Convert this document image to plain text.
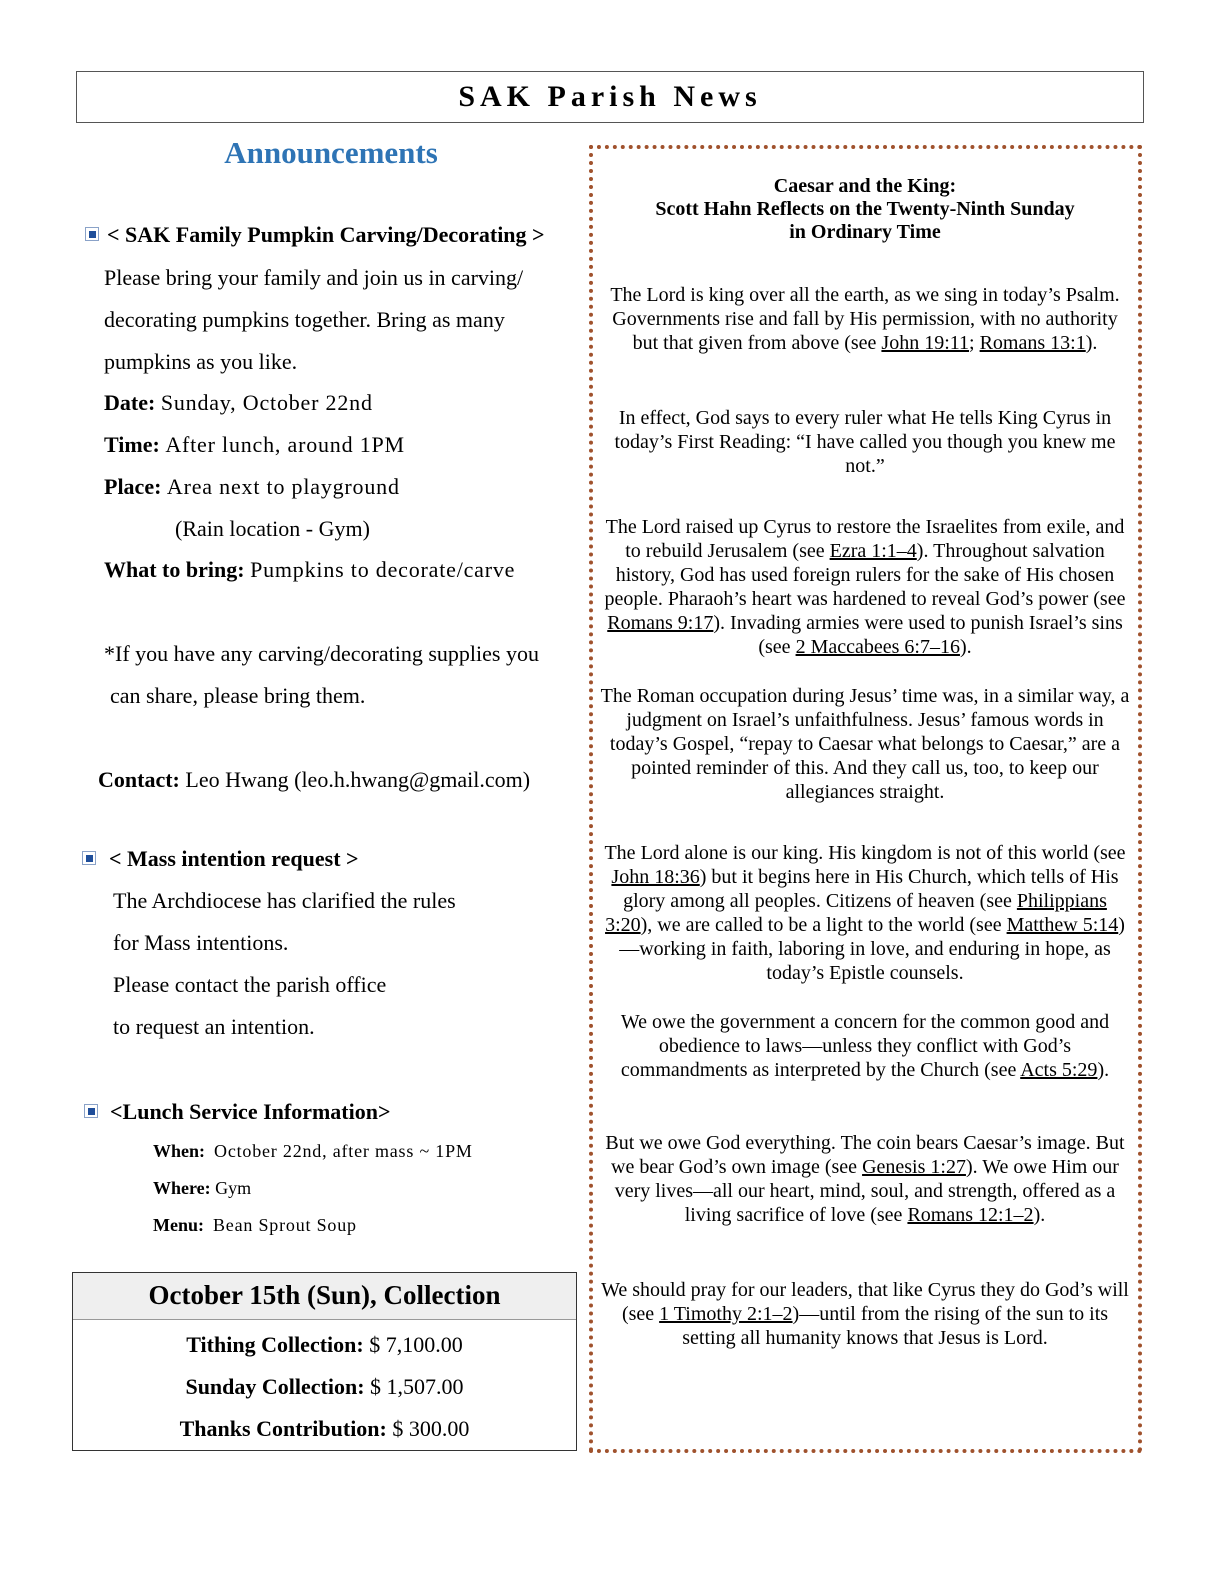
SAK Parish News
Announcements
< SAK Family Pumpkin Carving/Decorating >
Please bring your family and join us in carving/
decorating pumpkins together. Bring as many
pumpkins as you like.
Date: Sunday, October 22nd
Time: After lunch, around 1PM
Place: Area next to playground
(Rain location - Gym)
What to bring: Pumpkins to decorate/carve
*If you have any carving/decorating supplies you
can share, please bring them.
Contact: Leo Hwang (leo.h.hwang@gmail.com)
< Mass intention request >
The Archdiocese has clarified the rules
for Mass intentions.
Please contact the parish office
to request an intention.
<Lunch Service Information>
When: October 22nd, after mass ~ 1PM
Where: Gym
Menu: Bean Sprout Soup
October 15th (Sun), Collection
Tithing Collection: $ 7,100.00
Sunday Collection: $ 1,507.00
Thanks Contribution: $ 300.00
Caesar and the King:
Scott Hahn Reflects on the Twenty-Ninth Sunday
in Ordinary Time
The Lord is king over all the earth, as we sing in today’s Psalm. Governments rise and fall by His permission, with no authority but that given from above (see John 19:11; Romans 13:1).
In effect, God says to every ruler what He tells King Cyrus in today’s First Reading: “I have called you though you knew me not.”
The Lord raised up Cyrus to restore the Israelites from exile, and to rebuild Jerusalem (see Ezra 1:1–4). Throughout salvation history, God has used foreign rulers for the sake of His chosen people. Pharaoh’s heart was hardened to reveal God’s power (see Romans 9:17). Invading armies were used to punish Israel’s sins (see 2 Maccabees 6:7–16).
The Roman occupation during Jesus’ time was, in a similar way, a judgment on Israel’s unfaithfulness. Jesus’ famous words in today’s Gospel, “repay to Caesar what belongs to Caesar,” are a pointed reminder of this. And they call us, too, to keep our allegiances straight.
The Lord alone is our king. His kingdom is not of this world (see John 18:36) but it begins here in His Church, which tells of His glory among all peoples. Citizens of heaven (see Philippians 3:20), we are called to be a light to the world (see Matthew 5:14)—working in faith, laboring in love, and enduring in hope, as today’s Epistle counsels.
We owe the government a concern for the common good and obedience to laws—unless they conflict with God’s commandments as interpreted by the Church (see Acts 5:29).
But we owe God everything. The coin bears Caesar’s image. But we bear God’s own image (see Genesis 1:27). We owe Him our very lives—all our heart, mind, soul, and strength, offered as a living sacrifice of love (see Romans 12:1–2).
We should pray for our leaders, that like Cyrus they do God’s will (see 1 Timothy 2:1–2)—until from the rising of the sun to its setting all humanity knows that Jesus is Lord.
